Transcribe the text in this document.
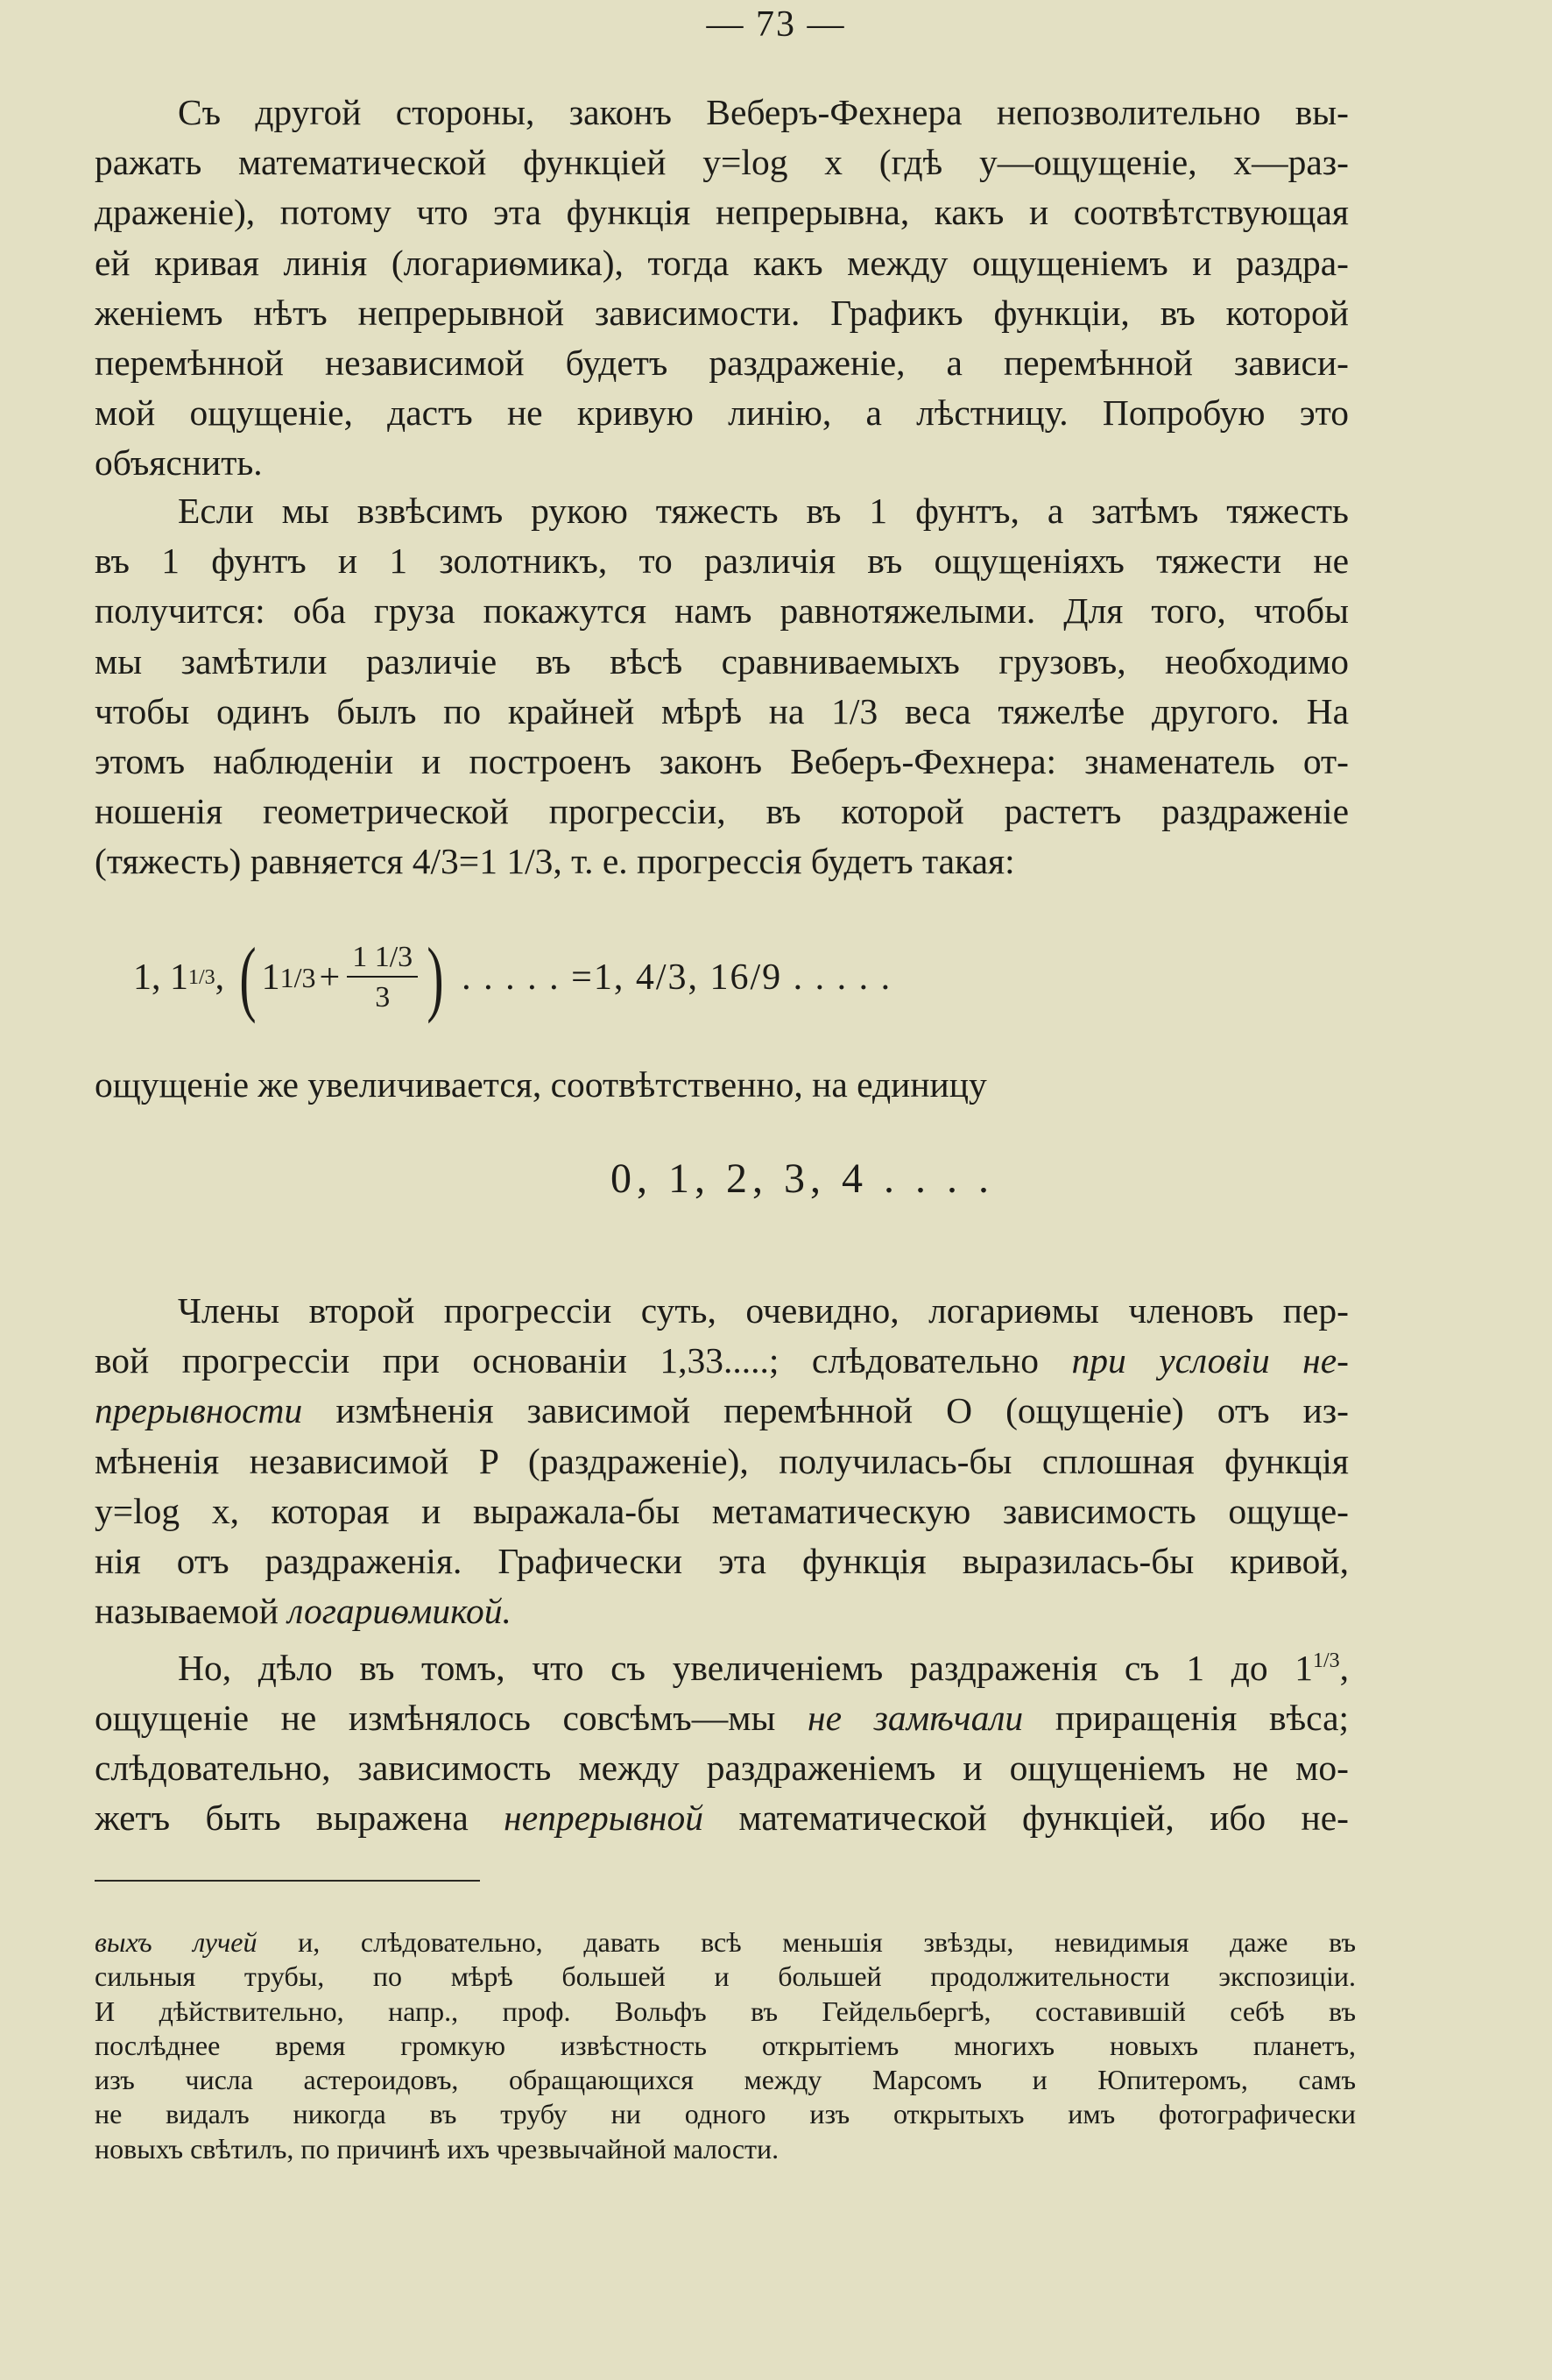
— 73 —
Съ другой стороны, законъ Веберъ-Фехнера непозволительно вы-
ражать математической функціей y=log x (гдѣ y—ощущеніе, x—раз-
драженіе), потому что эта функція непрерывна, какъ и соотвѣтствующая
ей кривая линія (логариѳмика), тогда какъ между ощущеніемъ и раздра-
женіемъ нѣтъ непрерывной зависимости. Графикъ функціи, въ которой
перемѣнной независимой будетъ раздраженіе, а перемѣнной зависи-
мой ощущеніе, дастъ не кривую линію, а лѣстницу. Попробую это
объяснить.
Если мы взвѣсимъ рукою тяжесть въ 1 фунтъ, а затѣмъ тяжесть
въ 1 фунтъ и 1 золотникъ, то различія въ ощущеніяхъ тяжести не
получится: оба груза покажутся намъ равнотяжелыми. Для того, чтобы
мы замѣтили различіе въ вѣсѣ сравниваемыхъ грузовъ, необходимо
чтобы одинъ былъ по крайней мѣрѣ на 1/3 весa тяжелѣе другого. На
этомъ наблюденіи и построенъ законъ Веберъ-Фехнера: знаменатель от-
ношенія геометрической прогрессіи, въ которой растетъ раздраженіе
(тяжесть) равняется 4/3=1 1/3, т. е. прогрессія будетъ такая:
1, 1 1/3 , ( 1 $1/3 + \frac{1 1/3}{3}$ ) . . . . . =1, 4/3, 16/9 . . . . .
ощущеніе же увеличивается, соотвѣтственно, на единицу
0, 1, 2, 3, 4 . . . .
Члены второй прогрессіи суть, очевидно, логариѳмы членовъ пер-
вой прогрессіи при основаніи 1,33.....; слѣдовательно при условіи не-
прерывности измѣненія зависимой перемѣнной O (ощущеніе) отъ из-
мѣненія независимой P (раздраженіе), получилась-бы сплошная функція
y=log x, которая и выражала-бы метаматическую зависимость ощуще-
нія отъ раздраженія. Графически эта функція выразилась-бы кривой,
называемой логариѳмикой.
Но, дѣло въ томъ, что съ увеличеніемъ раздраженія съ 1 до $1^{1/3}$,
ощущеніе не измѣнялось совсѣмъ—мы не замѣчали приращенія вѣса;
слѣдовательно, зависимость между раздраженіемъ и ощущеніемъ не мо-
жетъ быть выражена непрерывной математической функціей, ибо не-
выхъ лучей и, слѣдовательно, давать всѣ меньшія звѣзды, невидимыя даже въ
сильныя трубы, по мѣрѣ большей и большей продолжительности экспозиціи.
И дѣйствительно, напр., проф. Вольфъ въ Гейдельбергѣ, составившій себѣ въ
послѣднее время громкую извѣстность открытіемъ многихъ новыхъ планетъ,
изъ числа астероидовъ, обращающихся между Марсомъ и Юпитеромъ, самъ
не видалъ никогда въ трубу ни одного изъ открытыхъ имъ фотографически
новыхъ свѣтилъ, по причинѣ ихъ чрезвычайной малости.
